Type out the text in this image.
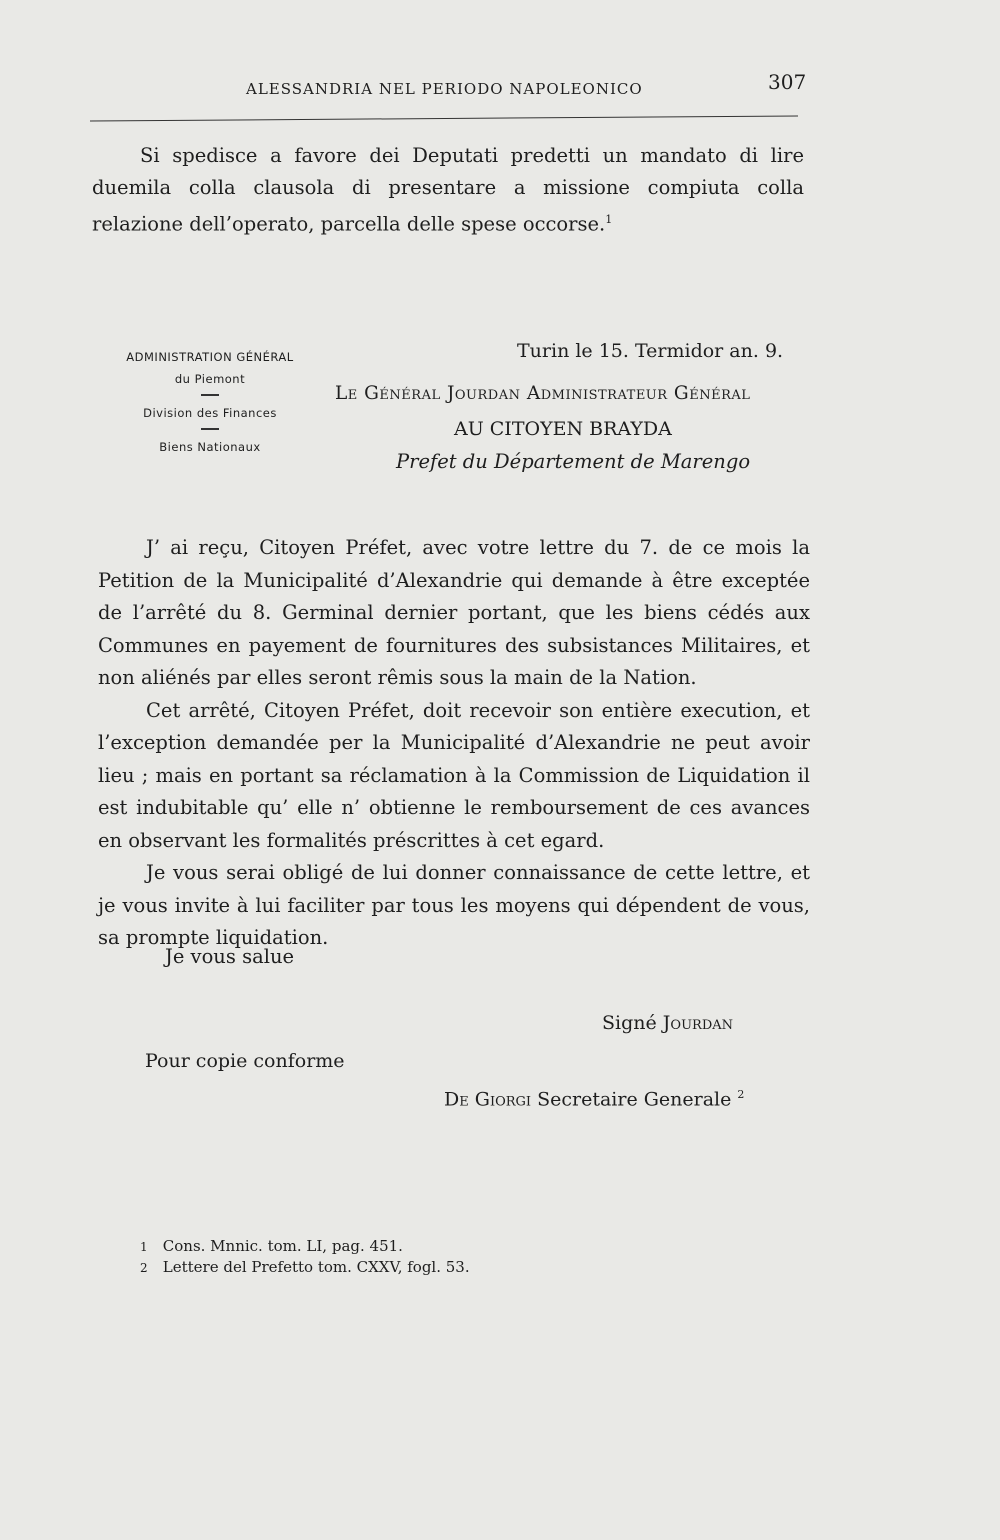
ALESSANDRIA NEL PERIODO NAPOLEONICO	307

Si spedisce a favore dei Deputati predetti un mandato di lire duemila colla clausola di presentare a missione compiuta colla relazione dell’operato, parcella delle spese occorse.$^1$

ADMINISTRATION GÉNÉRAL
du Piemont
Division des Finances
Biens Nationaux
Turin le 15. Termidor an. 9.
Le Général Jourdan Administrateur Général
AU CITOYEN BRAYDA
Prefet du Département de Marengo

J’ ai reçu, Citoyen Préfet, avec votre lettre du 7. de ce mois la Petition de la Municipalité d’Alexandrie qui demande à être exceptée de l’arrêté du 8. Germinal dernier portant, que les biens cédés aux Communes en payement de fournitures des subsistances Militaires, et non aliénés par elles seront rêmis sous la main de la Nation.

Cet arrêté, Citoyen Préfet, doit recevoir son entière execution, et l’exception demandée per la Municipalité d’Alexandrie ne peut avoir lieu ; mais en portant sa réclamation à la Commission de Liquidation il est indubitable qu’ elle n’ obtienne le remboursement de ces avances en observant les formalités préscrittes à cet egard.

Je vous serai obligé de lui donner connaissance de cette lettre, et je vous invite à lui faciliter par tous les moyens qui dépendent de vous, sa prompte liquidation.

Je vous salue
Signé Jourdan
Pour copie conforme
De Giorgi Secretaire Generale $^2$
1 Cons. Mnnic. tom. LI, pag. 451.
2 Lettere del Prefetto tom. CXXV, fogl. 53.
